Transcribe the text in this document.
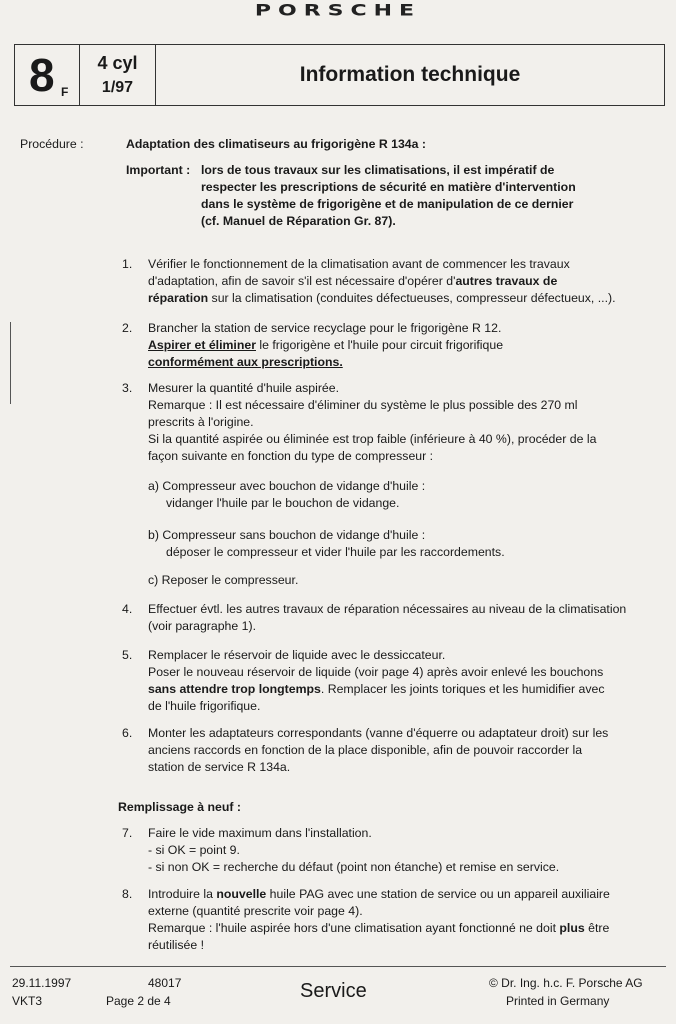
PORSCHE
8 F
4 cyl
1/97
Information technique
Procédure :	Adaptation des climatiseurs au frigorigène R 134a :
Important : lors de tous travaux sur les climatisations, il est impératif de
respecter les prescriptions de sécurité en matière d'intervention
dans le système de frigorigène et de manipulation de ce dernier
(cf. Manuel de Réparation Gr. 87).
1. Vérifier le fonctionnement de la climatisation avant de commencer les travaux
d'adaptation, afin de savoir s'il est nécessaire d'opérer d'autres travaux de
réparation sur la climatisation (conduites défectueuses, compresseur défectueux, ...).
2. Brancher la station de service recyclage pour le frigorigène R 12.
Aspirer et éliminer le frigorigène et l'huile pour circuit frigorifique
conformément aux prescriptions.
3. Mesurer la quantité d'huile aspirée.
Remarque : Il est nécessaire d'éliminer du système le plus possible des 270 ml
prescrits à l'origine.
Si la quantité aspirée ou éliminée est trop faible (inférieure à 40 %), procéder de la
façon suivante en fonction du type de compresseur :
a) Compresseur avec bouchon de vidange d'huile :
vidanger l'huile par le bouchon de vidange.
b) Compresseur sans bouchon de vidange d'huile :
déposer le compresseur et vider l'huile par les raccordements.
c) Reposer le compresseur.
4. Effectuer évtl. les autres travaux de réparation nécessaires au niveau de la climatisation
(voir paragraphe 1).
5. Remplacer le réservoir de liquide avec le dessiccateur.
Poser le nouveau réservoir de liquide (voir page 4) après avoir enlevé les bouchons
sans attendre trop longtemps. Remplacer les joints toriques et les humidifier avec
de l'huile frigorifique.
6. Monter les adaptateurs correspondants (vanne d'équerre ou adaptateur droit) sur les
anciens raccords en fonction de la place disponible, afin de pouvoir raccorder la
station de service R 134a.
Remplissage à neuf :
7. Faire le vide maximum dans l'installation.
- si OK = point 9.
- si non OK = recherche du défaut (point non étanche) et remise en service.
8. Introduire la nouvelle huile PAG avec une station de service ou un appareil auxiliaire
externe (quantité prescrite voir page 4).
Remarque : l'huile aspirée hors d'une climatisation ayant fonctionné ne doit plus être
réutilisée !
29.11.1997
VKT3
48017
Page 2 de 4	Service	© Dr. Ing. h.c. F. Porsche AG
Printed in Germany
